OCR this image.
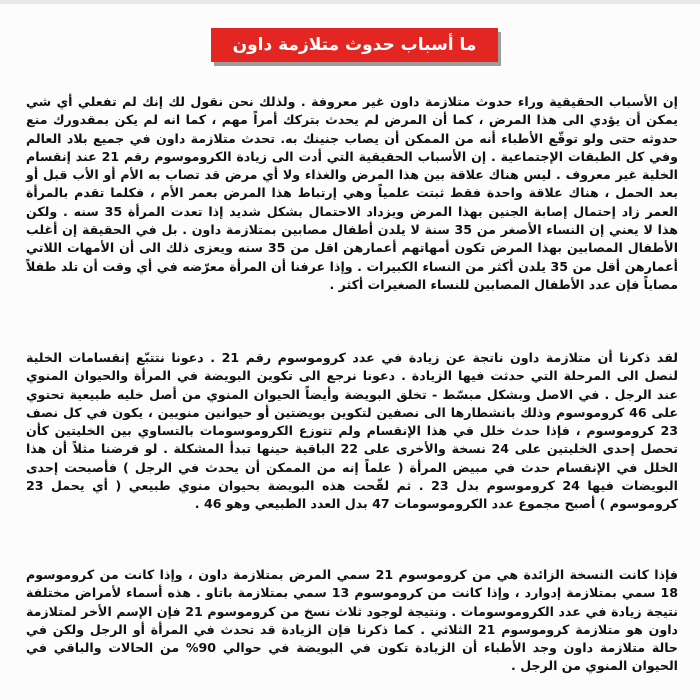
ما أسباب حدوث متلازمة داون

إن الأسباب الحقيقية وراء حدوث متلازمة داون غير معروفة . ولذلك نحن نقول لك إنك لم تفعلي أي شي يمكن أن يؤدي الى هذا المرض ، كما أن المرض لم يحدث بتركك أمراً مهم ، كما انه لم يكن بمقدورك منع حدوثه حتى ولو توقّع الأطباء أنه من الممكن أن يصاب جنينك به. تحدث متلازمة داون في جميع بلاد العالم وفي كل الطبقات الإجتماعية . إن الأسباب الحقيقية التي أدت الى زيادة الكروموسوم رقم 21 عند إنقسام الخلية غير معروف . ليس هناك علاقة بين هذا المرض والغذاء ولا أي مرض قد تصاب به الأم أو الأب قبل أو بعد الحمل ، هناك علاقة واحدة فقط ثبتت علمياً وهي إرتباط هذا المرض بعمر الأم ، فكلما تقدم بالمرأة العمر زاد إحتمال إصابة الجنين بهذا المرض ويزداد الاحتمال بشكل شديد إذا تعدت المرأة 35 سنه . ولكن هذا لا يعني إن النساء الأصغر من 35 سنة لا يلدن أطفال مصابين بمتلازمة داون . بل في الحقيقة إن أغلب الأطفال المصابين بهذا المرض تكون أمهاتهم أعمارهن اقل من 35 سنه ويعزى ذلك الى أن الأمهات اللاتي أعمارهن أقل من 35 يلدن أكثر من النساء الكبيرات . وإذا عرفنا أن المرأة معرّضه في أي وقت أن تلد طفلاً مصاباً فإن عدد الأطفال المصابين للنساء الصغيرات أكثر .

لقد ذكرنا أن متلازمة داون ناتجة عن زيادة في عدد كروموسوم رقم 21 . دعونا نتتبّع إنقسامات الخلية لنصل الى المرحلة التي حدثت فيها الزيادة . دعونا نرجع الى تكوين البويضة في المرأة والحيوان المنوي عند الرجل . في الاصل وبشكل مبسّط - تخلق البويضة وأيضاً الحيوان المنوي من أصل خليه طبيعية تحتوي على 46 كروموسوم وذلك بانشطارها الى نصفين لتكوين بويضتين أو حيوانين منويين ، يكون في كل نصف 23 كروموسوم ، فإذا حدث خلل في هذا الإنقسام ولم تتوزع الكروموسومات بالتساوي بين الخليتين كأن تحصل إحدى الخليتين على 24 نسخة والأخرى على 22 الباقية حينها تبدأ المشكلة . لو فرضنا مثلاً أن هذا الخلل في الإنقسام حدث في مبيض المرأة ( علماً إنه من الممكن أن يحدث في الرجل ) فأصبحت إحدى البويضات فيها 24 كروموسوم بدل 23 . ثم لقّحت هذه البويضة بحيوان منوي طبيعي ( أي يحمل 23 كروموسوم ) أصبح مجموع عدد الكروموسومات 47 بدل العدد الطبيعي وهو 46 .

فإذا كانت النسخة الزائدة هي من كروموسوم 21 سمي المرض بمتلازمة داون ، وإذا كانت من كروموسوم 18 سمي بمتلازمة إدوارد ، وإذا كانت من كروموسوم 13 سمي بمتلازمة باتاو . هذه أسماء لأمراض مختلفة نتيجة زيادة في عدد الكروموسومات . ونتيجة لوجود ثلاث نسخ من كروموسوم 21 فإن الإسم الأخر لمتلازمة داون هو متلازمة كروموسوم 21 الثلاثي . كما ذكرنا فإن الزيادة قد تحدث في المرأة أو الرجل ولكن في حالة متلازمة داون وجد الأطباء أن الزيادة تكون في البويضة في حوالي 90% من الحالات والباقي في الحيوان المنوي من الرجل .
